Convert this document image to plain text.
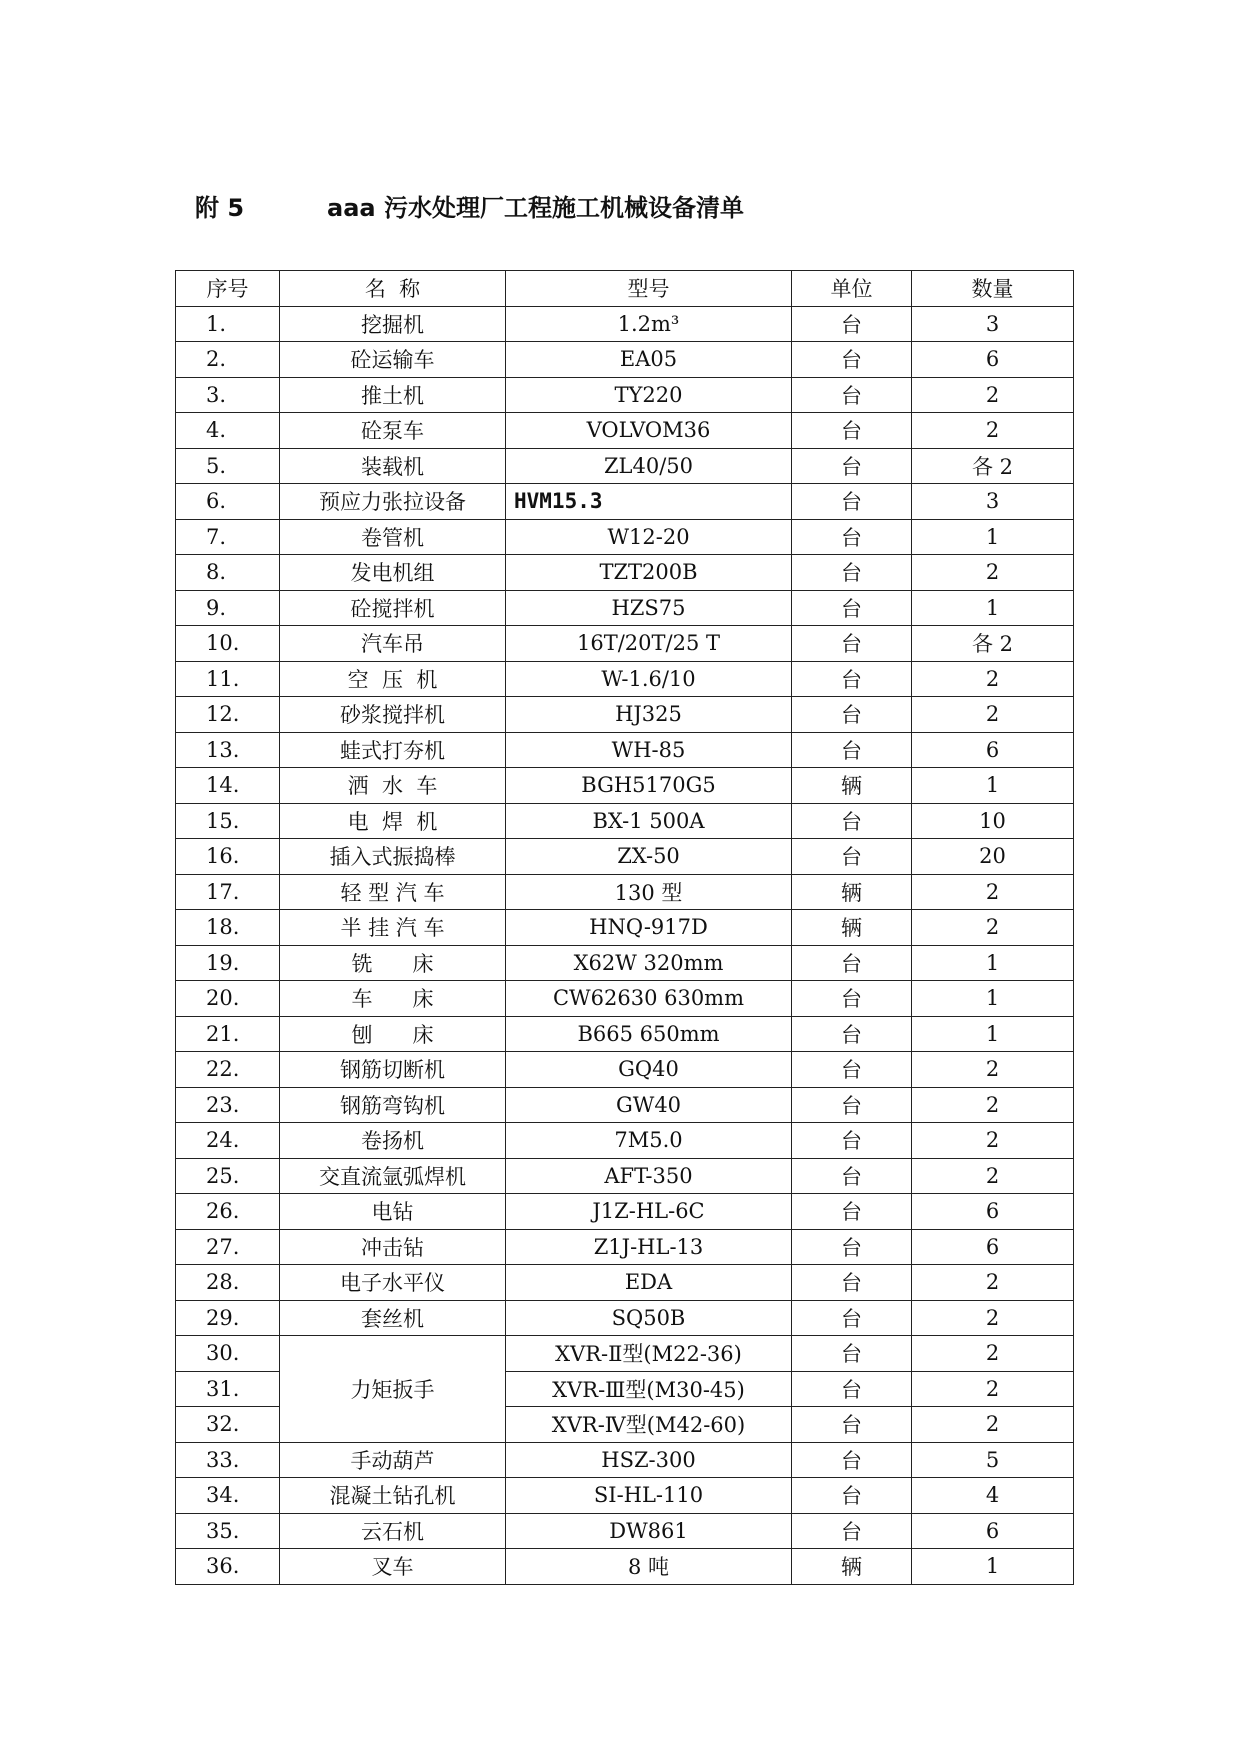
附 5	aaa 污水处理厂工程施工机械设备清单
序号	名  称	型号	单位	数量
1.	挖掘机	1.2m³	台	3
2.	砼运输车	EA05	台	6
3.	推土机	TY220	台	2
4.	砼泵车	VOLVOM36	台	2
5.	装载机	ZL40/50	台	各 2
6.	预应力张拉设备	HVM15.3	台	3
7.	卷管机	W12-20	台	1
8.	发电机组	TZT200B	台	2
9.	砼搅拌机	HZS75	台	1
10.	汽车吊	16T/20T/25 T	台	各 2
11.	空  压  机	W-1.6/10	台	2
12.	砂浆搅拌机	HJ325	台	2
13.	蛙式打夯机	WH-85	台	6
14.	洒  水  车	BGH5170G5	辆	1
15.	电  焊  机	BX-1 500A	台	10
16.	插入式振捣棒	ZX-50	台	20
17.	轻 型 汽 车	130 型	辆	2
18.	半 挂 汽 车	HNQ-917D	辆	2
19.	铣      床	X62W 320mm	台	1
20.	车      床	CW62630 630mm	台	1
21.	刨      床	B665 650mm	台	1
22.	钢筋切断机	GQ40	台	2
23.	钢筋弯钩机	GW40	台	2
24.	卷扬机	7M5.0	台	2
25.	交直流氩弧焊机	AFT-350	台	2
26.	电钻	J1Z-HL-6C	台	6
27.	冲击钻	Z1J-HL-13	台	6
28.	电子水平仪	EDA	台	2
29.	套丝机	SQ50B	台	2
30.	力矩扳手	XVR-Ⅱ型(M22-36)	台	2
31.		XVR-Ⅲ型(M30-45)	台	2
32.		XVR-Ⅳ型(M42-60)	台	2
33.	手动葫芦	HSZ-300	台	5
34.	混凝土钻孔机	SI-HL-110	台	4
35.	云石机	DW861	台	6
36.	叉车	8 吨	辆	1
